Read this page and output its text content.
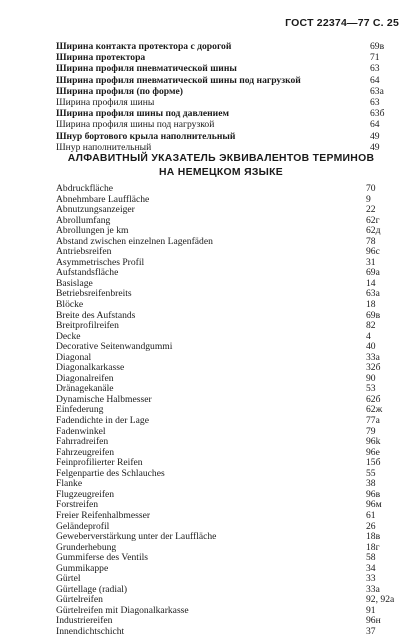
ГОСТ 22374—77 С. 25
Ширина контакта протектора с дорогой	69в
Ширина протектора	71
Ширина профиля пневматической шины	63
Ширина профиля пневматической шины под нагрузкой	64
Ширина профиля (по форме)	63а
Ширина профиля шины	63
Ширина профиля шины под давлением	63б
Ширина профиля шины под нагрузкой	64
Шнур бортового крыла наполнительный	49
Шнур наполнительный	49
АЛФАВИТНЫЙ УКАЗАТЕЛЬ ЭКВИВАЛЕНТОВ ТЕРМИНОВ
НА НЕМЕЦКОМ ЯЗЫКЕ
Abdruckfläche	70
Abnehmbare Lauffläche	9
Abnutzungsanzeiger	22
Abrollumfang	62г
Abrollungen je km	62д
Abstand zwischen einzelnen Lagenfäden	78
Antriebsreifen	96с
Asymmetrisches Profil	31
Aufstandsfläche	69а
Basislage	14
Betriebsreifenbreits	63а
Blöcke	18
Breite des Aufstands	69в
Breitprofilreifen	82
Decke	4
Decorative Seitenwandgummi	40
Diagonal	33а
Diagonalkarkasse	32б
Diagonalreifen	90
Dränagekanäle	53
Dynamische Halbmesser	62б
Einfederung	62ж
Fadendichte in der Lage	77а
Fadenwinkel	79
Fahrradreifen	96k
Fahrzeugreifen	96е
Feinprofilierter Reifen	15б
Felgenpartie des Schlauches	55
Flanke	38
Flugzeugreifen	96в
Forstreifen	96м
Freier Reifenhalbmesser	61
Geländeprofil	26
Geweberverstärkung unter der Lauffläche	18в
Grunderhebung	18г
Gummiferse des Ventils	58
Gummikappe	34
Gürtel	33
Gürtellage (radial)	33а
Gürtelreifen	92, 92а
Gürtelreifen mit Diagonalkarkasse	91
Industriereifen	96н
Innendichtschicht	37
